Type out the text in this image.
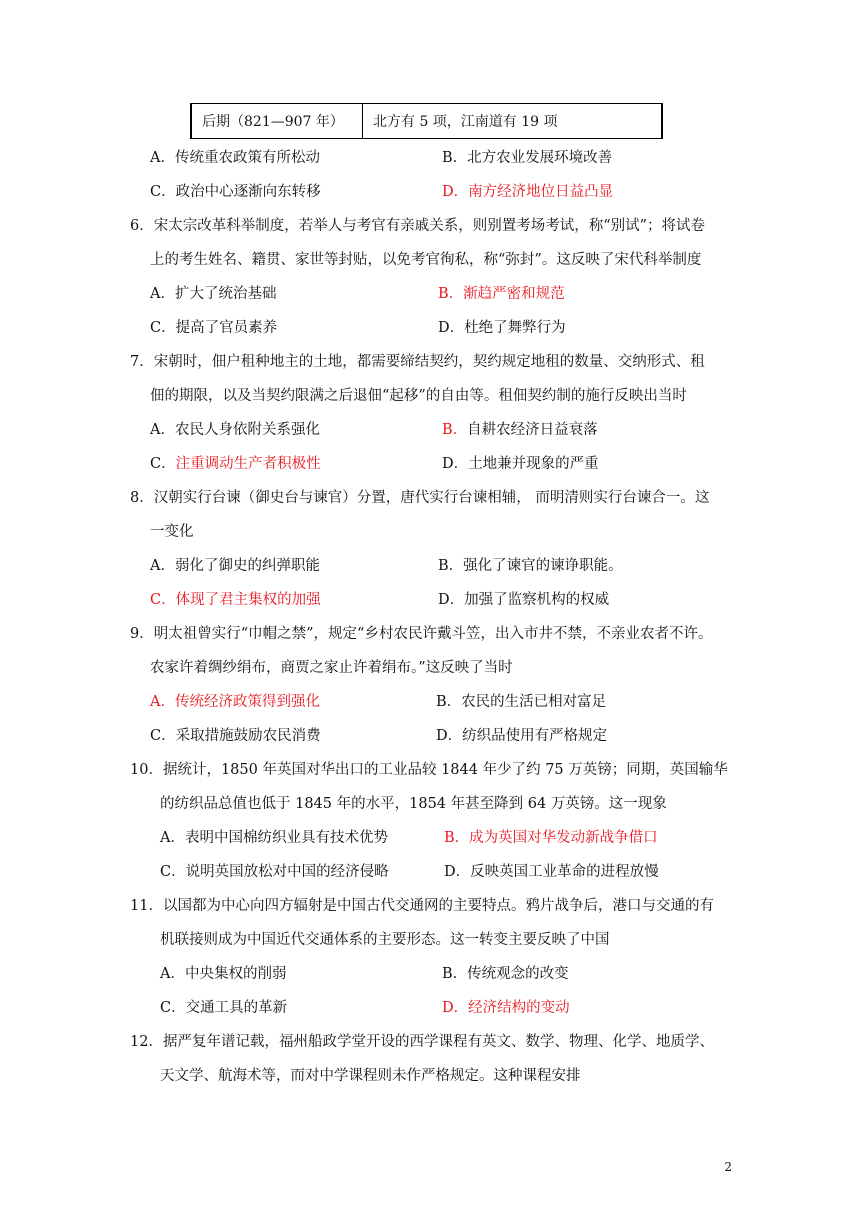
后期（821—907 年）	北方有 5 项，江南道有 19 项
A．传统重农政策有所松动	B．北方农业发展环境改善
C．政治中心逐渐向东转移	D．南方经济地位日益凸显
6．宋太宗改革科举制度，若举人与考官有亲戚关系，则别置考场考试，称“别试”；将试卷
上的考生姓名、籍贯、家世等封贴，以免考官徇私，称“弥封”。这反映了宋代科举制度
A．扩大了统治基础	B．渐趋严密和规范
C．提高了官员素养	D．杜绝了舞弊行为
7．宋朝时，佃户租种地主的土地，都需要缔结契约，契约规定地租的数量、交纳形式、租
佃的期限，以及当契约限满之后退佃“起移”的自由等。租佃契约制的施行反映出当时
A．农民人身依附关系强化	B．自耕农经济日益衰落
C．注重调动生产者积极性	D．土地兼并现象的严重
8．汉朝实行台谏（御史台与谏官）分置，唐代实行台谏相辅， 而明清则实行台谏合一。这
一变化
A．弱化了御史的纠弹职能	B．强化了谏官的谏诤职能。
C．体现了君主集权的加强	D．加强了监察机构的权威
9．明太祖曾实行“巾帽之禁”，规定“乡村农民许戴斗笠，出入市井不禁，不亲业农者不许。
农家许着绸纱绢布，商贾之家止许着绢布。”这反映了当时
A．传统经济政策得到强化	B．农民的生活已相对富足
C．采取措施鼓励农民消费	D．纺织品使用有严格规定
10．据统计，1850 年英国对华出口的工业品较 1844 年少了约 75 万英镑；同期，英国输华
的纺织品总值也低于 1845 年的水平，1854 年甚至降到 64 万英镑。这一现象
A．表明中国棉纺织业具有技术优势	B．成为英国对华发动新战争借口
C．说明英国放松对中国的经济侵略	D．反映英国工业革命的进程放慢
11．以国都为中心向四方辐射是中国古代交通网的主要特点。鸦片战争后，港口与交通的有
机联接则成为中国近代交通体系的主要形态。这一转变主要反映了中国
A．中央集权的削弱	B．传统观念的改变
C．交通工具的革新	D．经济结构的变动
12．据严复年谱记载，福州船政学堂开设的西学课程有英文、数学、物理、化学、地质学、
天文学、航海术等，而对中学课程则未作严格规定。这种课程安排
2
